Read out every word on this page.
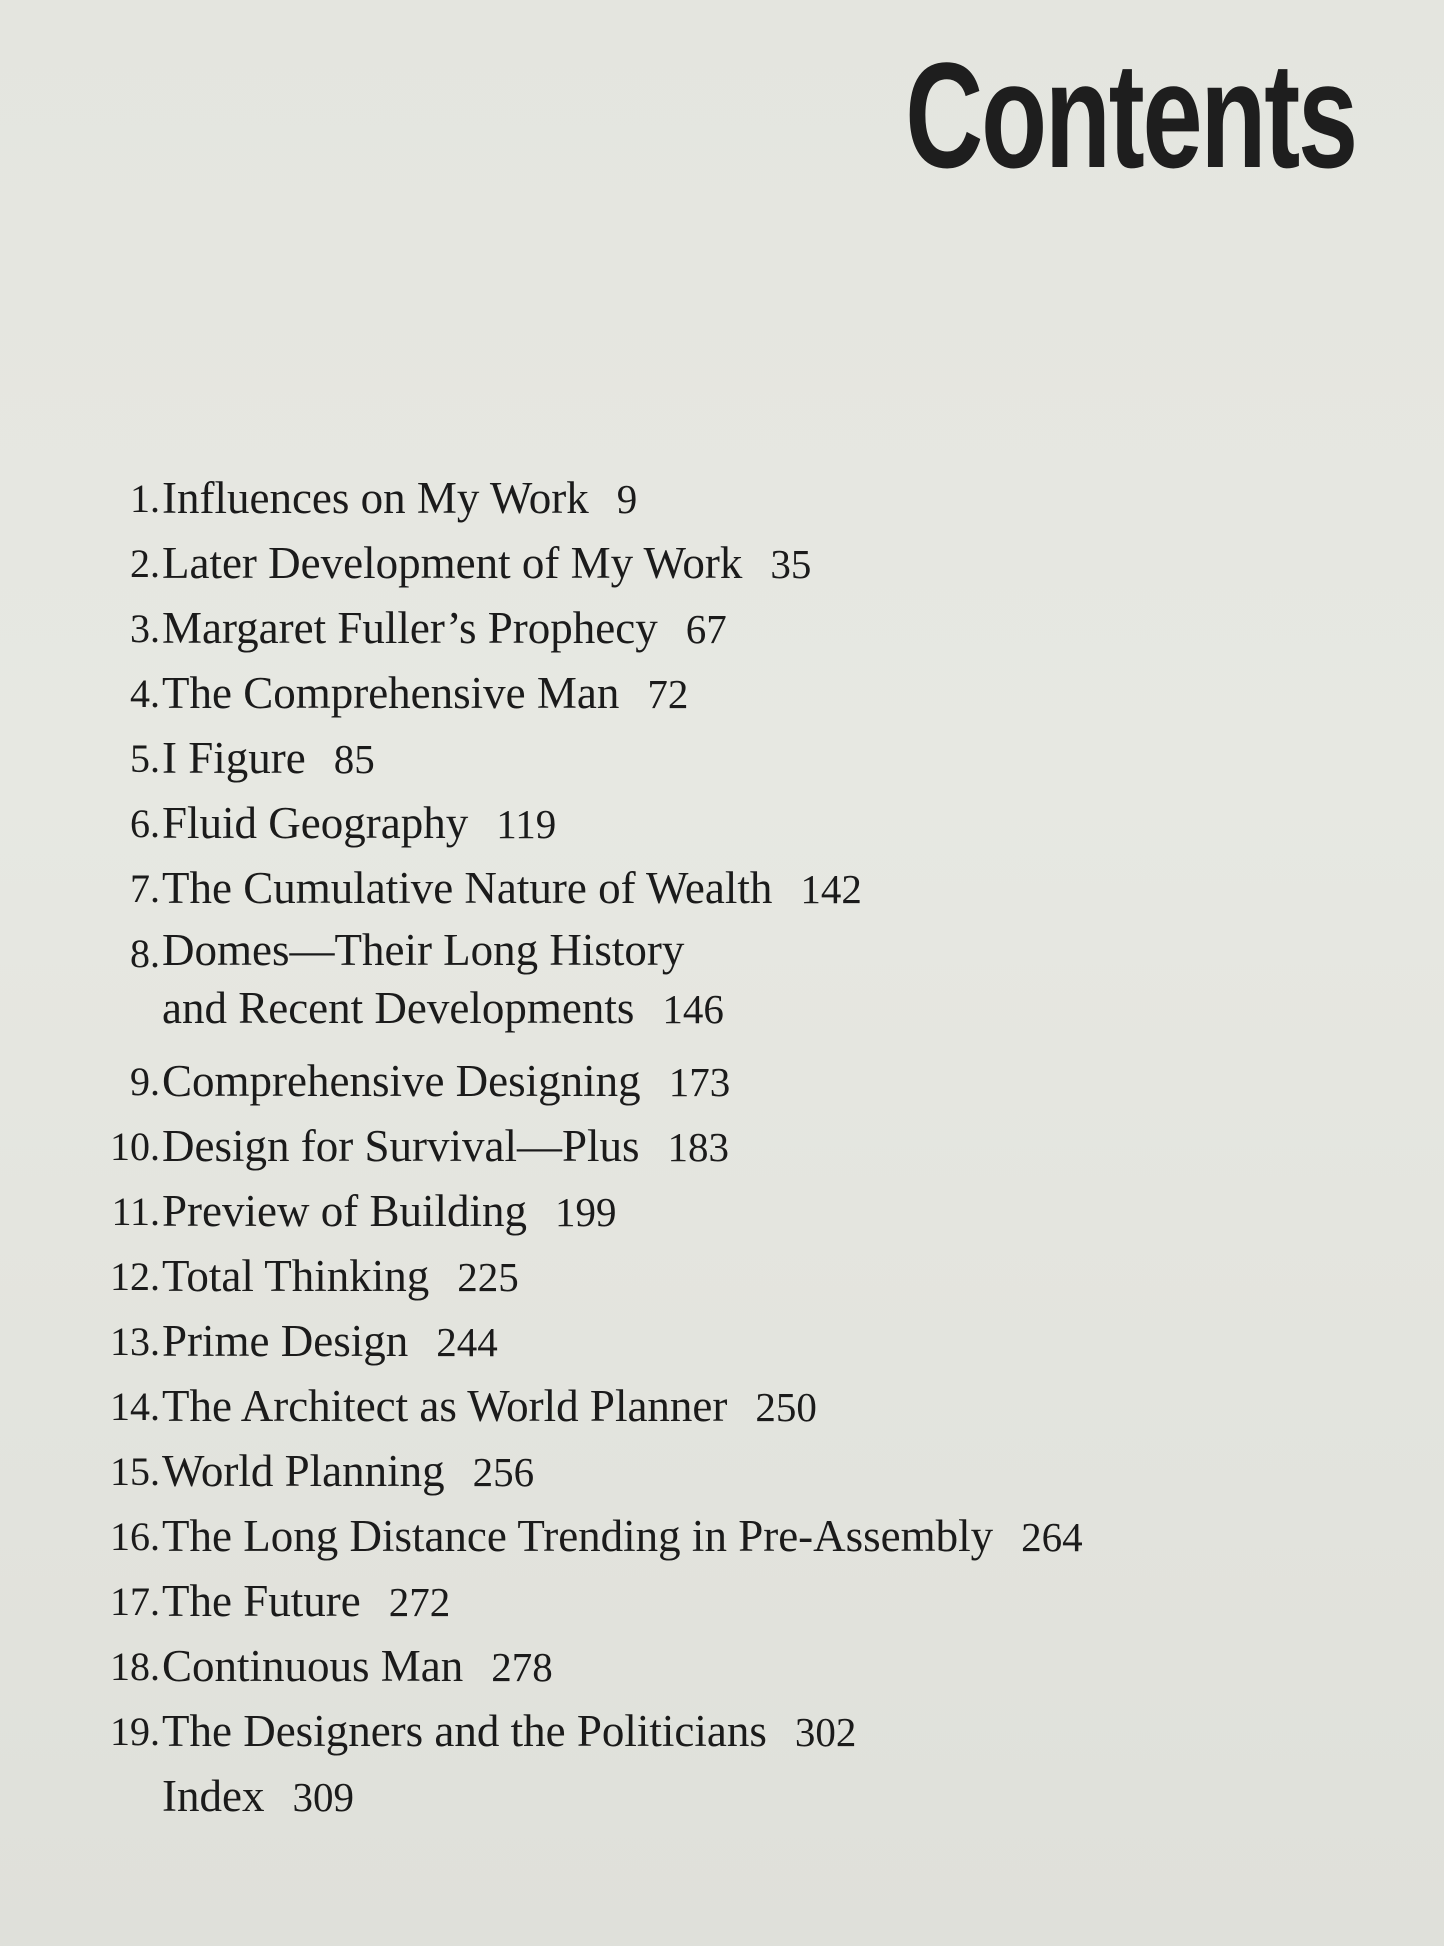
Contents
1. Influences on My Work 9
2. Later Development of My Work 35
3. Margaret Fuller’s Prophecy 67
4. The Comprehensive Man 72
5. I Figure 85
6. Fluid Geography 119
7. The Cumulative Nature of Wealth 142
8. Domes—Their Long History
and Recent Developments 146
9. Comprehensive Designing 173
10. Design for Survival—Plus 183
11. Preview of Building 199
12. Total Thinking 225
13. Prime Design 244
14. The Architect as World Planner 250
15. World Planning 256
16. The Long Distance Trending in Pre-Assembly 264
17. The Future 272
18. Continuous Man 278
19. The Designers and the Politicians 302
Index 309
